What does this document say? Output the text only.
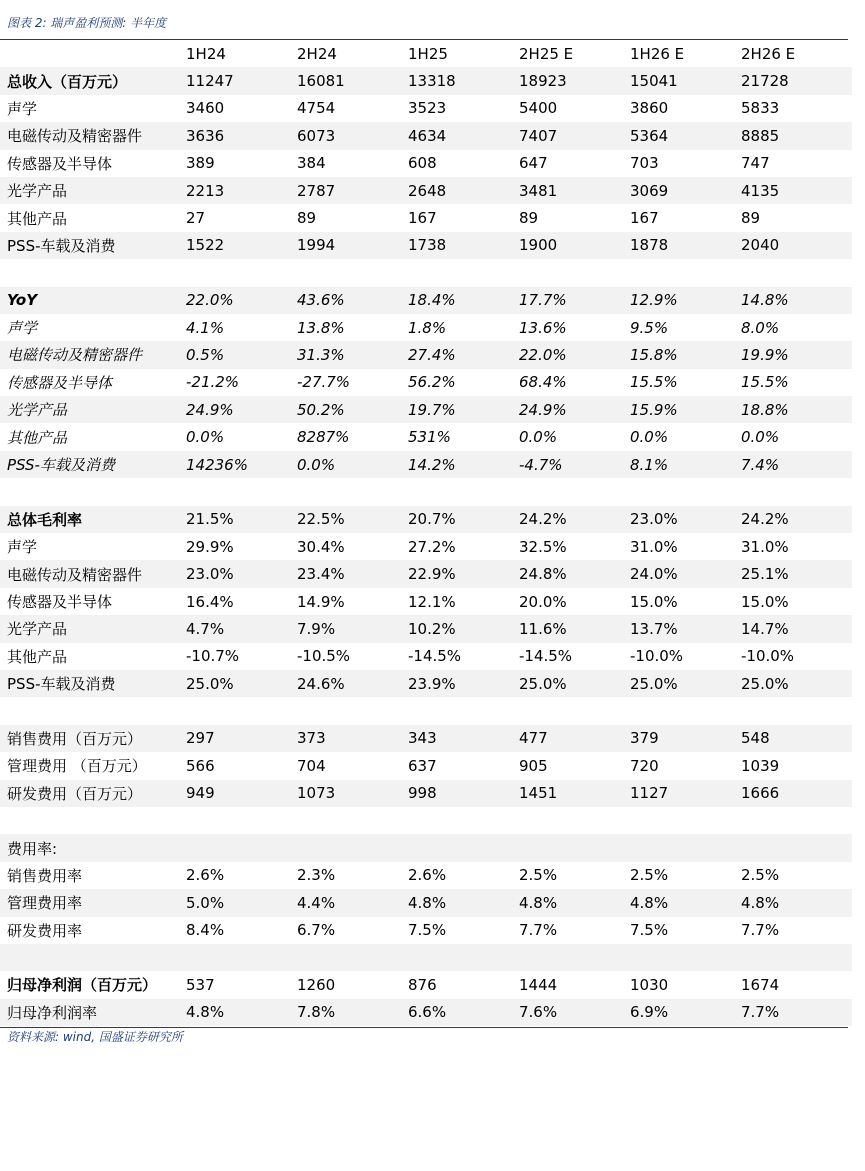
图表 2: 瑞声盈利预测: 半年度
	1H24	2H24	1H25	2H25 E	1H26 E	2H26 E
总收入（百万元）	11247	16081	13318	18923	15041	21728
声学	3460	4754	3523	5400	3860	5833
电磁传动及精密器件	3636	6073	4634	7407	5364	8885
传感器及半导体	389	384	608	647	703	747
光学产品	2213	2787	2648	3481	3069	4135
其他产品	27	89	167	89	167	89
PSS-车载及消费	1522	1994	1738	1900	1878	2040

YoY	22.0%	43.6%	18.4%	17.7%	12.9%	14.8%
声学	4.1%	13.8%	1.8%	13.6%	9.5%	8.0%
电磁传动及精密器件	0.5%	31.3%	27.4%	22.0%	15.8%	19.9%
传感器及半导体	-21.2%	-27.7%	56.2%	68.4%	15.5%	15.5%
光学产品	24.9%	50.2%	19.7%	24.9%	15.9%	18.8%
其他产品	0.0%	8287%	531%	0.0%	0.0%	0.0%
PSS-车载及消费	14236%	0.0%	14.2%	-4.7%	8.1%	7.4%

总体毛利率	21.5%	22.5%	20.7%	24.2%	23.0%	24.2%
声学	29.9%	30.4%	27.2%	32.5%	31.0%	31.0%
电磁传动及精密器件	23.0%	23.4%	22.9%	24.8%	24.0%	25.1%
传感器及半导体	16.4%	14.9%	12.1%	20.0%	15.0%	15.0%
光学产品	4.7%	7.9%	10.2%	11.6%	13.7%	14.7%
其他产品	-10.7%	-10.5%	-14.5%	-14.5%	-10.0%	-10.0%
PSS-车载及消费	25.0%	24.6%	23.9%	25.0%	25.0%	25.0%

销售费用（百万元）	297	373	343	477	379	548
管理费用 （百万元）	566	704	637	905	720	1039
研发费用（百万元）	949	1073	998	1451	1127	1666

费用率:						
销售费用率	2.6%	2.3%	2.6%	2.5%	2.5%	2.5%
管理费用率	5.0%	4.4%	4.8%	4.8%	4.8%	4.8%
研发费用率	8.4%	6.7%	7.5%	7.7%	7.5%	7.7%

归母净利润（百万元）	537	1260	876	1444	1030	1674
归母净利润率	4.8%	7.8%	6.6%	7.6%	6.9%	7.7%
资料来源: wind, 国盛证券研究所
